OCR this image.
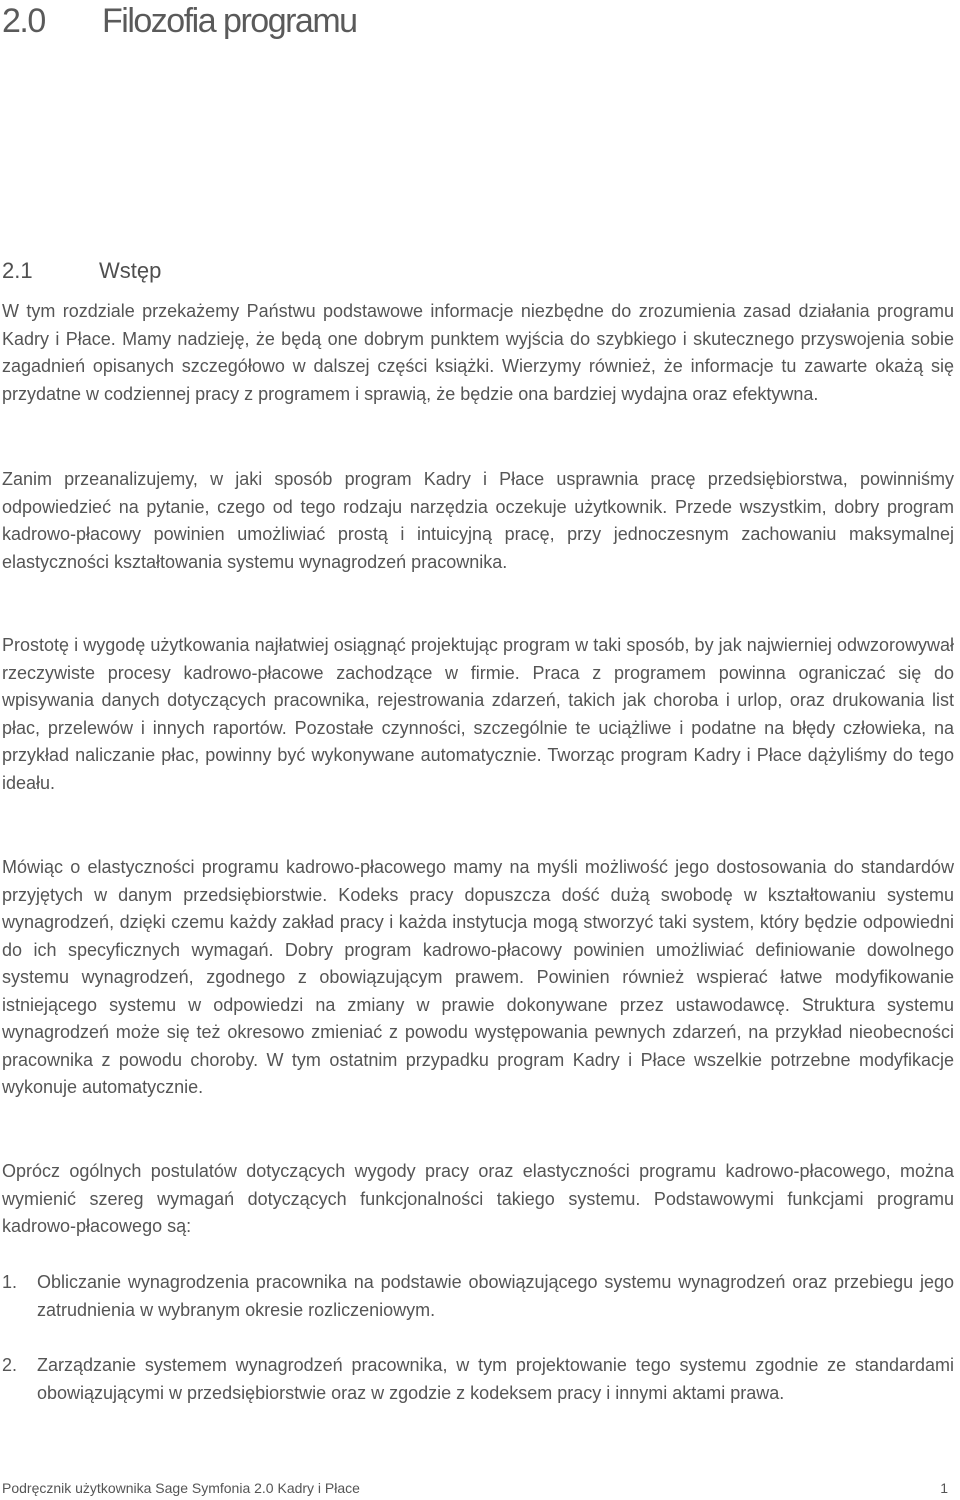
2.0 Filozofia programu
2.1	Wstęp

W tym rozdziale przekażemy Państwu podstawowe informacje niezbędne do zrozumienia zasad działania programu Kadry i Płace. Mamy nadzieję, że będą one dobrym punktem wyjścia do szybkiego i skutecznego przyswojenia sobie zagadnień opisanych szczegółowo w dalszej części książki. Wierzymy również, że informacje tu zawarte okażą się przydatne w codziennej pracy z programem i sprawią, że będzie ona bardziej wydajna oraz efektywna.

Zanim przeanalizujemy, w jaki sposób program Kadry i Płace usprawnia pracę przedsiębiorstwa, powinniśmy odpowiedzieć na pytanie, czego od tego rodzaju narzędzia oczekuje użytkownik. Przede wszystkim, dobry program kadrowo-płacowy powinien umożliwiać prostą i intuicyjną pracę, przy jednoczesnym zachowaniu maksymalnej elastyczności kształtowania systemu wynagrodzeń pracownika.

Prostotę i wygodę użytkowania najłatwiej osiągnąć projektując program w taki sposób, by jak najwierniej odwzorowywał rzeczywiste procesy kadrowo-płacowe zachodzące w firmie. Praca z programem powinna ograniczać się do wpisywania danych dotyczących pracownika, rejestrowania zdarzeń, takich jak choroba i urlop, oraz drukowania list płac, przelewów i innych raportów. Pozostałe czynności, szczególnie te uciążliwe i podatne na błędy człowieka, na przykład naliczanie płac, powinny być wykonywane automatycznie. Tworząc program Kadry i Płace dążyliśmy do tego ideału.

Mówiąc o elastyczności programu kadrowo-płacowego mamy na myśli możliwość jego dostosowania do standardów przyjętych w danym przedsiębiorstwie. Kodeks pracy dopuszcza dość dużą swobodę w kształtowaniu systemu wynagrodzeń, dzięki czemu każdy zakład pracy i każda instytucja mogą stworzyć taki system, który będzie odpowiedni do ich specyficznych wymagań. Dobry program kadrowo-płacowy powinien umożliwiać definiowanie dowolnego systemu wynagrodzeń, zgodnego z obowiązującym prawem. Powinien również wspierać łatwe modyfikowanie istniejącego systemu w odpowiedzi na zmiany w prawie dokonywane przez ustawodawcę. Struktura systemu wynagrodzeń może się też okresowo zmieniać z powodu występowania pewnych zdarzeń, na przykład nieobecności pracownika z powodu choroby. W tym ostatnim przypadku program Kadry i Płace wszelkie potrzebne modyfikacje wykonuje automatycznie.

Oprócz ogólnych postulatów dotyczących wygody pracy oraz elastyczności programu kadrowo-płacowego, można wymienić szereg wymagań dotyczących funkcjonalności takiego systemu. Podstawowymi funkcjami programu kadrowo-płacowego są:

1. Obliczanie wynagrodzenia pracownika na podstawie obowiązującego systemu wynagrodzeń oraz przebiegu jego zatrudnienia w wybranym okresie rozliczeniowym.
2. Zarządzanie systemem wynagrodzeń pracownika, w tym projektowanie tego systemu zgodnie ze standardami obowiązującymi w przedsiębiorstwie oraz w zgodzie z kodeksem pracy i innymi aktami prawa.
Podręcznik użytkownika Sage Symfonia 2.0 Kadry i Płace	1
